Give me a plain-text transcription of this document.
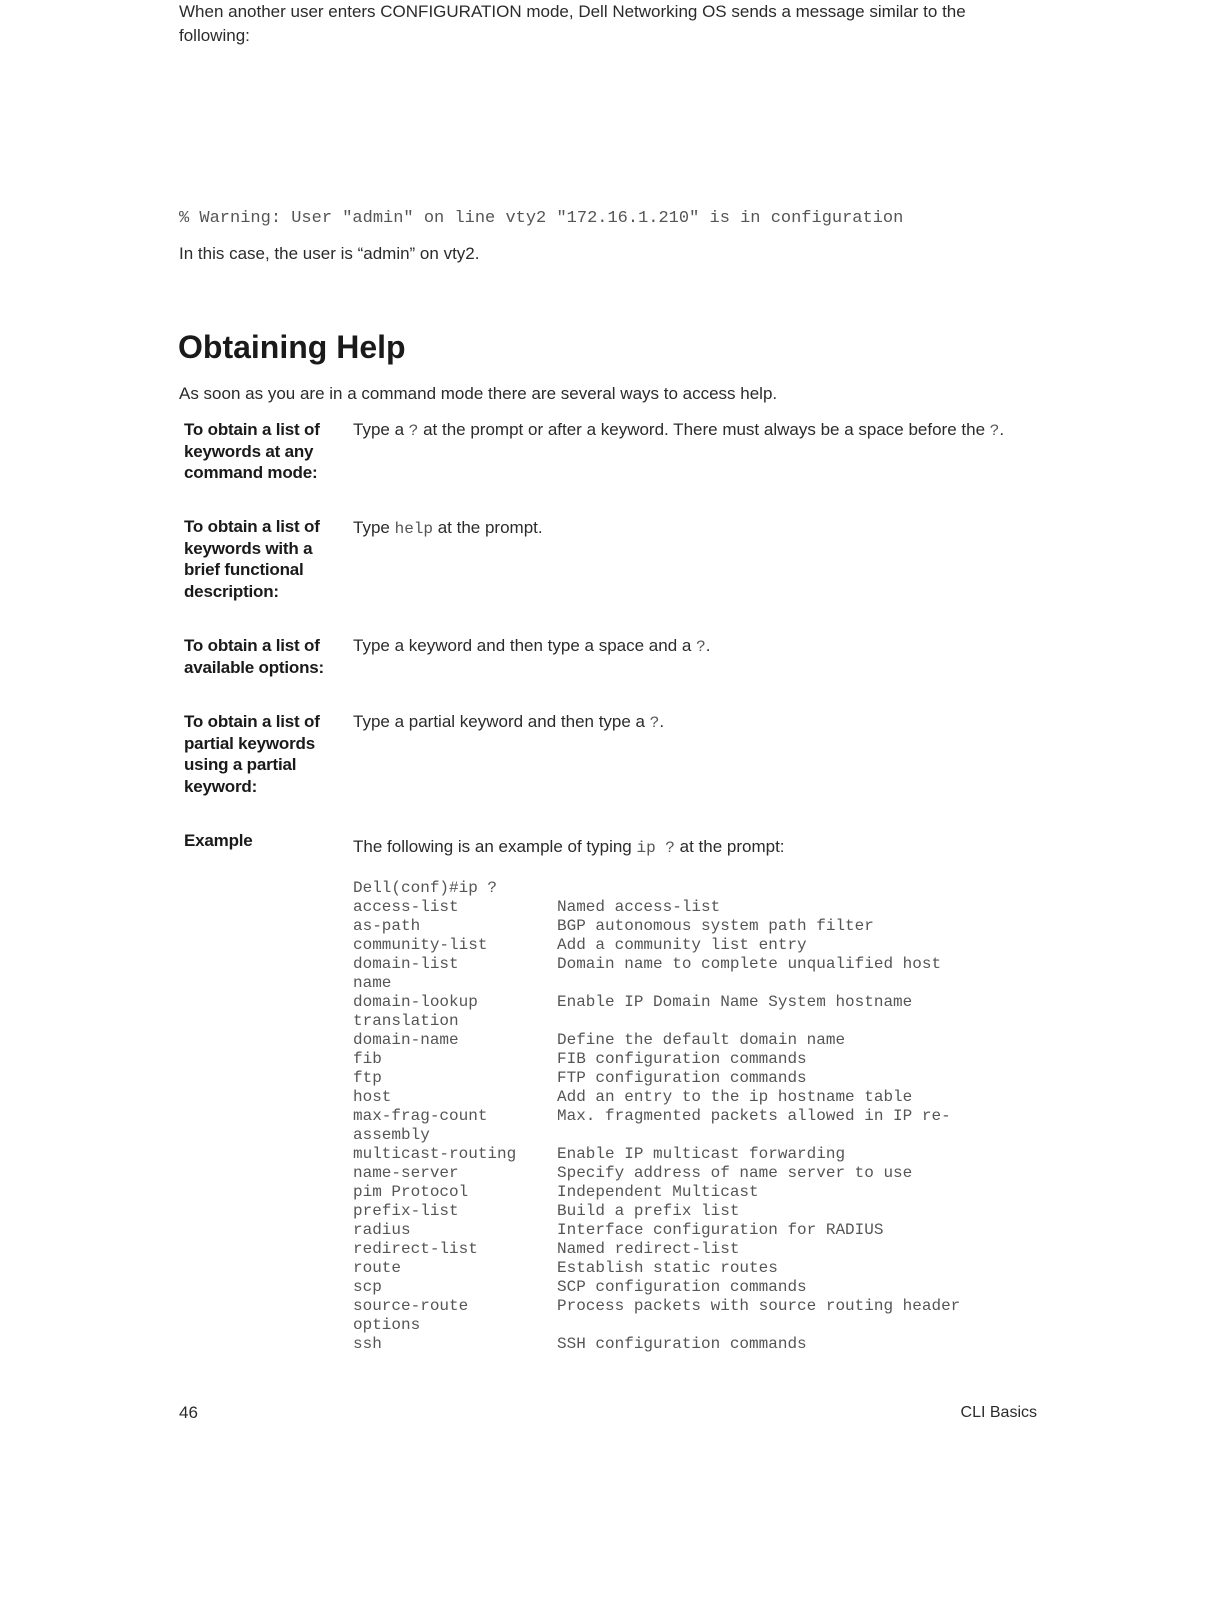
When another user enters CONFIGURATION mode, Dell Networking OS sends a message similar to the following:
% Warning: User "admin" on line vty2 "172.16.1.210" is in configuration
In this case, the user is “admin” on vty2.
Obtaining Help
As soon as you are in a command mode there are several ways to access help.
To obtain a list of keywords at any command mode:
Type a ? at the prompt or after a keyword. There must always be a space before the ?.
To obtain a list of keywords with a brief functional description:
Type help at the prompt.
To obtain a list of available options:
Type a keyword and then type a space and a ?.
To obtain a list of partial keywords using a partial keyword:
Type a partial keyword and then type a ?.
Example	The following is an example of typing ip ? at the prompt:
Dell(conf)#ip ?
access-list	Named access-list
as-path	BGP autonomous system path filter
community-list	Add a community list entry
domain-list	Domain name to complete unqualified host
name
domain-lookup	Enable IP Domain Name System hostname
translation
domain-name	Define the default domain name
fib	FIB configuration commands
ftp	FTP configuration commands
host	Add an entry to the ip hostname table
max-frag-count	Max. fragmented packets allowed in IP re-
assembly
multicast-routing	Enable IP multicast forwarding
name-server	Specify address of name server to use
pim Protocol	Independent Multicast
prefix-list	Build a prefix list
radius	Interface configuration for RADIUS
redirect-list	Named redirect-list
route	Establish static routes
scp	SCP configuration commands
source-route	Process packets with source routing header
options
ssh	SSH configuration commands
46	CLI Basics
